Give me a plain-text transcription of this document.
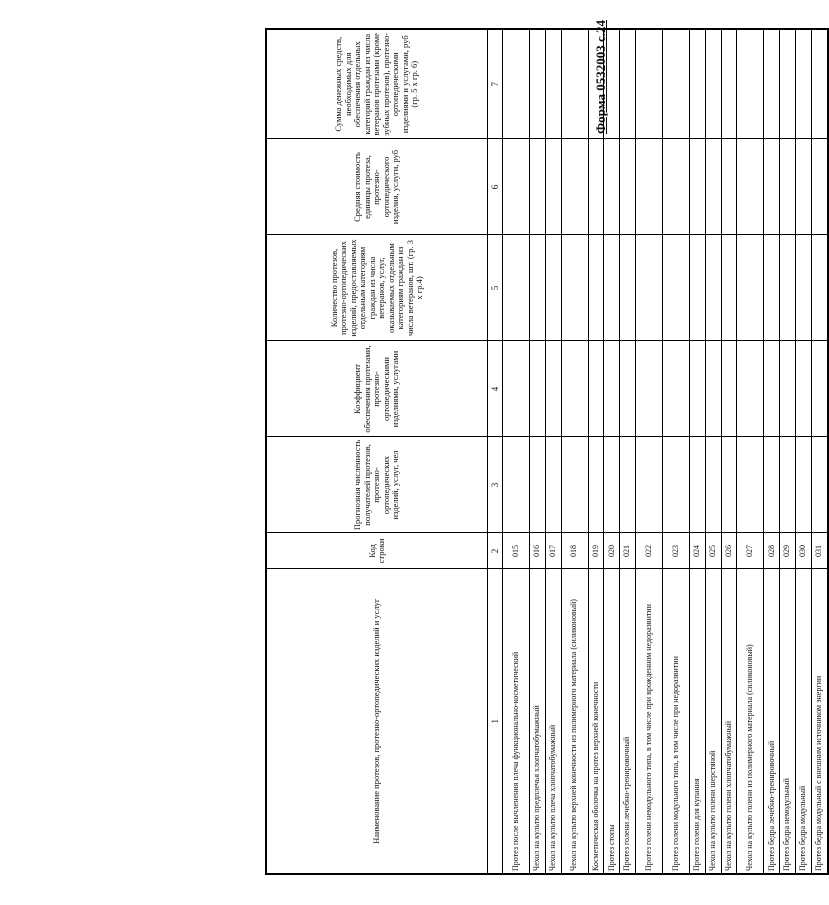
Форма 0532003 с.24
Наименование протезов, протезно-ортопедических изделий и услуг	Код строки	Прогнозная численность получателей протезов, протезно-ортопедических изделий, услуг, чел	Коэффициент обеспечения протезами, протезно-ортопедическими изделиями, услугами	Количество протезов, протезно-ортопедических изделий, предоставляемых отдельным категориям граждан из числа ветеранов, услуг, оказываемых отдельным категориям граждан из числа ветеранов, шт. (гр. 3 x гр.4)	Средняя стоимость единицы протеза, протезно-ортопедического изделия, услуги, руб	Сумма денежных средств, необходимых для обеспечения отдельных категорий граждан из числа ветеранов протезами (кроме зубных протезов), протезно-ортопедическими изделиями и услугами, руб (гр. 5 x гр. 6)
1	2	3	4	5	6	7
Протез после вычленения плеча функционально-косметический	015					
Чехол на культю предплечья хлопчатобумажный	016					
Чехол на культю плеча хлопчатобумажный	017					
Чехол на культю верхней конечности из полимерного материала (силиконовый)	018					
Косметическая оболочка на протез верхней конечности	019					
Протез стопы	020					
Протез голени лечебно-тренировочный	021					
Протез голени немодульного типа, в том числе при врожденном недоразвитии	022					
Протез голени модульного типа, в том числе при недоразвитии	023					
Протез голени для купания	024					
Чехол на культю голени шерстяной	025					
Чехол на культю голени хлопчатобумажный	026					
Чехол на культю голени из полимерного материала (силиконовый)	027					
Протез бедра лечебно-тренировочный	028					
Протез бедра немодульный	029					
Протез бедра модульный	030					
Протез бедра модульный с внешним источником энергии	031					
